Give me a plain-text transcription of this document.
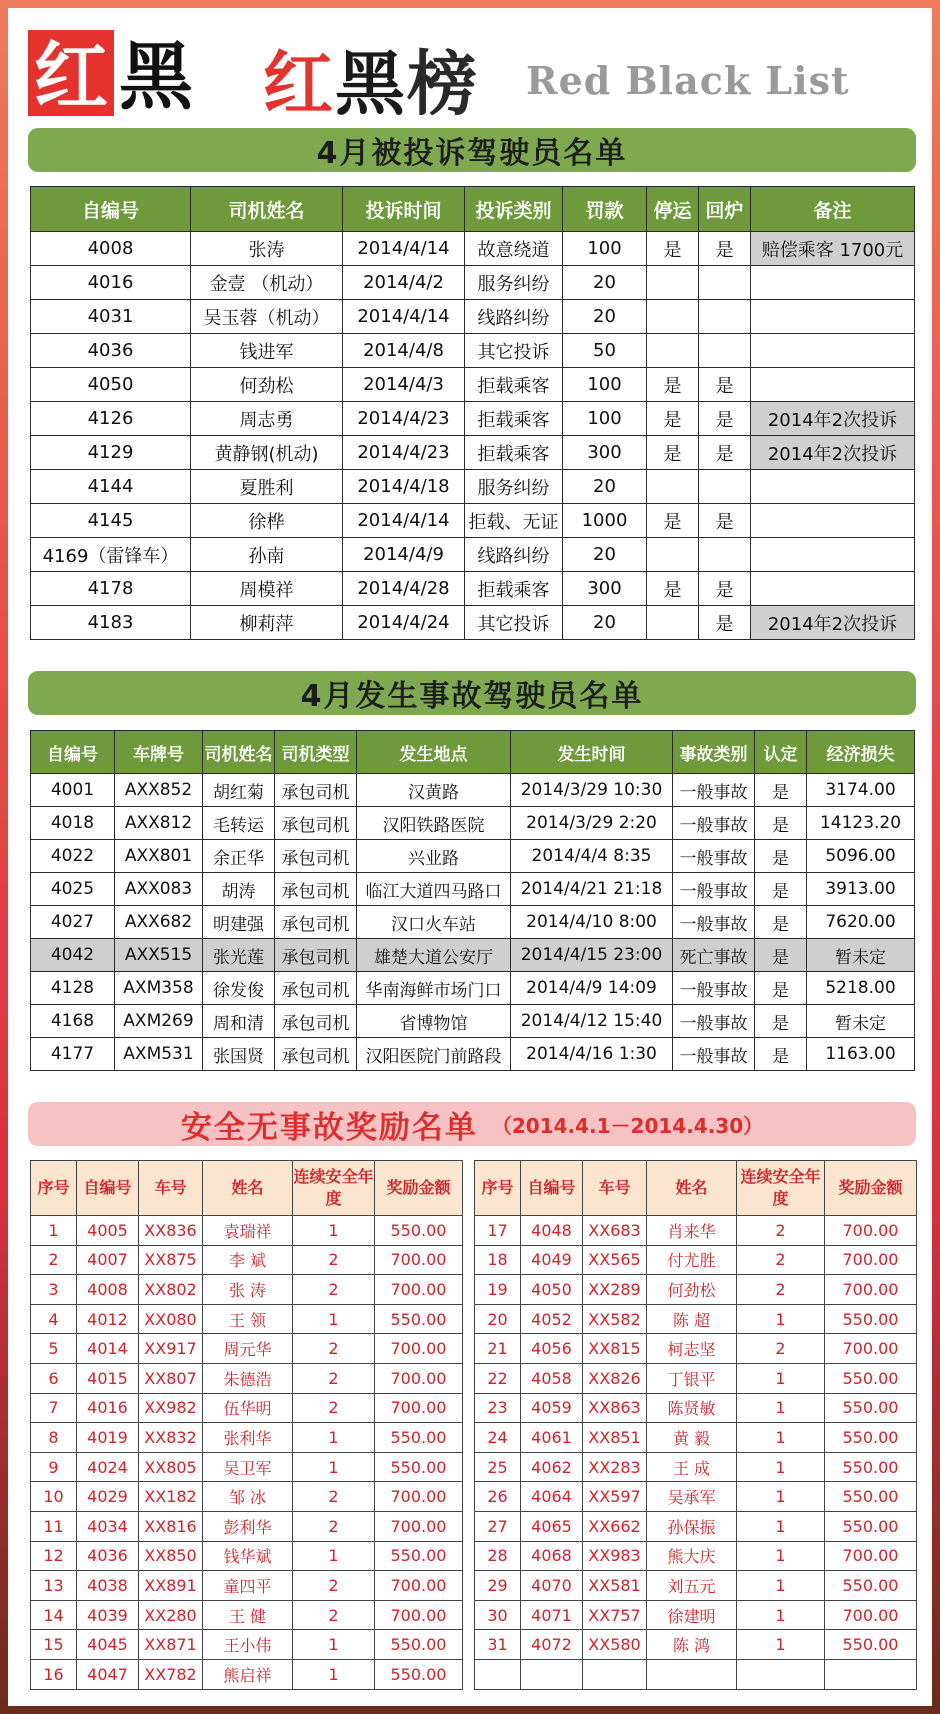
红 黑 红 黑 榜 Red Black List
4月被投诉驾驶员名单
自编号	司机姓名	投诉时间	投诉类别	罚款	停运	回炉	备注
4008	张涛	2014/4/14	故意绕道	100	是	是	赔偿乘客 1700元
4016	金壹 （机动）	2014/4/2	服务纠纷	20			
4031	吴玉蓉（机动）	2014/4/14	线路纠纷	20			
4036	钱进军	2014/4/8	其它投诉	50			
4050	何劲松	2014/4/3	拒载乘客	100	是	是	
4126	周志勇	2014/4/23	拒载乘客	100	是	是	2014年2次投诉
4129	黄静钢(机动)	2014/4/23	拒载乘客	300	是	是	2014年2次投诉
4144	夏胜利	2014/4/18	服务纠纷	20			
4145	徐桦	2014/4/14	拒载、无证	1000	是	是	
4169（雷锋车）	孙南	2014/4/9	线路纠纷	20			
4178	周模祥	2014/4/28	拒载乘客	300	是	是	
4183	柳莉萍	2014/4/24	其它投诉	20		是	2014年2次投诉
4月发生事故驾驶员名单
自编号	车牌号	司机姓名	司机类型	发生地点	发生时间	事故类别	认定	经济损失
4001	AXX852	胡红菊	承包司机	汉黄路	2014/3/29 10:30	一般事故	是	3174.00
4018	AXX812	毛转运	承包司机	汉阳铁路医院	2014/3/29 2:20	一般事故	是	14123.20
4022	AXX801	余正华	承包司机	兴业路	2014/4/4 8:35	一般事故	是	5096.00
4025	AXX083	胡涛	承包司机	临江大道四马路口	2014/4/21 21:18	一般事故	是	3913.00
4027	AXX682	明建强	承包司机	汉口火车站	2014/4/10 8:00	一般事故	是	7620.00
4042	AXX515	张光莲	承包司机	雄楚大道公安厅	2014/4/15 23:00	死亡事故	是	暂未定
4128	AXM358	徐发俊	承包司机	华南海鲜市场门口	2014/4/9 14:09	一般事故	是	5218.00
4168	AXM269	周和清	承包司机	省博物馆	2014/4/12 15:40	一般事故	是	暂未定
4177	AXM531	张国贤	承包司机	汉阳医院门前路段	2014/4/16 1:30	一般事故	是	1163.00
安全无事故奖励名单 （2014.4.1－2014.4.30）
序号	自编号	车号	姓名	连续安全年度	奖励金额
1	4005	XX836	袁瑞祥	1	550.00
2	4007	XX875	李 斌	2	700.00
3	4008	XX802	张 涛	2	700.00
4	4012	XX080	王 领	1	550.00
5	4014	XX917	周元华	2	700.00
6	4015	XX807	朱德浩	2	700.00
7	4016	XX982	伍华明	2	700.00
8	4019	XX832	张利华	1	550.00
9	4024	XX805	吴卫军	1	550.00
10	4029	XX182	邹 冰	2	700.00
11	4034	XX816	彭利华	2	700.00
12	4036	XX850	钱华斌	1	550.00
13	4038	XX891	童四平	2	700.00
14	4039	XX280	王 健	2	700.00
15	4045	XX871	王小伟	1	550.00
16	4047	XX782	熊启祥	1	550.00
序号	自编号	车号	姓名	连续安全年度	奖励金额
17	4048	XX683	肖来华	2	700.00
18	4049	XX565	付尤胜	2	700.00
19	4050	XX289	何劲松	2	700.00
20	4052	XX582	陈 超	1	550.00
21	4056	XX815	柯志坚	2	700.00
22	4058	XX826	丁银平	1	550.00
23	4059	XX863	陈贤敏	1	550.00
24	4061	XX851	黄 毅	1	550.00
25	4062	XX283	王 成	1	550.00
26	4064	XX597	吴承军	1	550.00
27	4065	XX662	孙保振	1	550.00
28	4068	XX983	熊大庆	1	700.00
29	4070	XX581	刘五元	1	550.00
30	4071	XX757	徐建明	1	700.00
31	4072	XX580	陈 鸿	1	550.00
